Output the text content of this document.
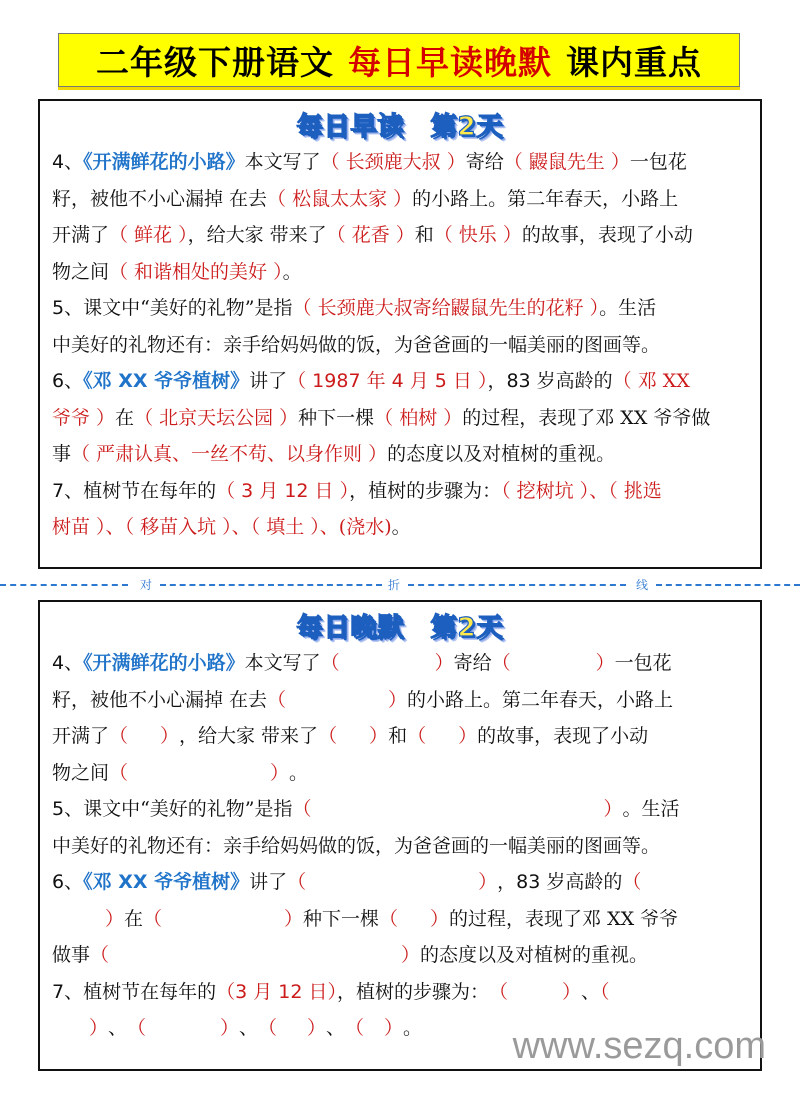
二年级下册语文 每日早读晚默 课内重点
每日早读 第2天
4、《开满鲜花的小路》本文写了（ 长颈鹿大叔 ）寄给（ 鼹鼠先生 ）一包花
籽，被他不小心漏掉 在去（ 松鼠太太家 ）的小路上。第二年春天，小路上
开满了（ 鲜花 ），给大家 带来了（ 花香 ）和（ 快乐 ）的故事，表现了小动
物之间（ 和谐相处的美好 ）。
5、课文中“美好的礼物”是指（ 长颈鹿大叔寄给鼹鼠先生的花籽 ）。生活
中美好的礼物还有：亲手给妈妈做的饭，为爸爸画的一幅美丽的图画等。
6、《邓 XX 爷爷植树》讲了（ 1987 年 4 月 5 日 ），83 岁高龄的（ 邓 XX
爷爷 ）在（ 北京天坛公园 ）种下一棵（ 柏树 ）的过程，表现了邓 XX 爷爷做
事（ 严肃认真、一丝不苟、以身作则 ）的态度以及对植树的重视。
7、植树节在每年的（ 3 月 12 日 ），植树的步骤为：（ 挖树坑 ）、（ 挑选
树苗 ）、（ 移苗入坑 ）、（ 填土 ）、(浇水)。
对	折	线
每日晚默 第2天
4、《开满鲜花的小路》本文写了（	） 寄给（	） 一包花
籽，被他不小心漏掉 在去（	） 的小路上。第二年春天，小路上
开满了（ ） ，给大家 带来了（ ） 和（ ） 的故事，表现了小动
物之间（	） 。
5、课文中“美好的礼物”是指（	） 。生活
中美好的礼物还有：亲手给妈妈做的饭，为爸爸画的一幅美丽的图画等。
6、《邓 XX 爷爷植树》讲了（	） ，83 岁高龄的（
）在（	） 种下一棵（ ） 的过程，表现了邓 XX 爷爷
做事（	） 的态度以及对植树的重视。
7、植树节在每年的（3 月 12 日），植树的步骤为：（	） 、（
）、（	） 、（ ） 、（ ） 。	www.sezq.com
